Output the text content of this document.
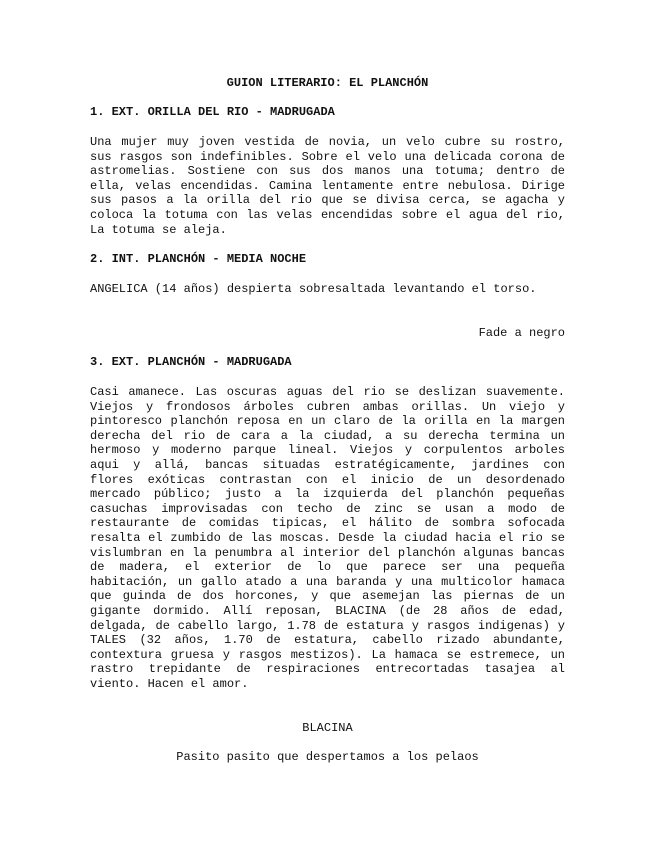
GUION LITERARIO: EL PLANCHÓN
1. EXT. ORILLA DEL RIO - MADRUGADA

Una mujer muy joven vestida de novia, un velo cubre su rostro, sus rasgos son indefinibles. Sobre el velo una delicada corona de astromelias. Sostiene con sus dos manos una totuma; dentro de ella, velas encendidas. Camina lentamente entre nebulosa. Dirige sus pasos a la orilla del rio que se divisa cerca, se agacha y coloca la totuma con las velas encendidas sobre el agua del rio, La totuma se aleja.

2. INT. PLANCHÓN - MEDIA NOCHE

ANGELICA (14 años) despierta sobresaltada levantando el torso.

Fade a negro
3. EXT. PLANCHÓN - MADRUGADA

Casi amanece. Las oscuras aguas del rio se deslizan suavemente. Viejos y frondosos árboles cubren ambas orillas. Un viejo y pintoresco planchón reposa en un claro de la orilla en la margen derecha del rio de cara a la ciudad, a su derecha termina un hermoso y moderno parque lineal. Viejos y corpulentos arboles aqui y allá, bancas situadas estratégicamente, jardines con flores exóticas contrastan con el inicio de un desordenado mercado público; justo a la izquierda del planchón pequeñas casuchas improvisadas con techo de zinc se usan a modo de restaurante de comidas tipicas, el hálito de sombra sofocada resalta el zumbido de las moscas. Desde la ciudad hacia el rio se vislumbran en la penumbra al interior del planchón algunas bancas de madera, el exterior de lo que parece ser una pequeña habitación, un gallo atado a una baranda y una multicolor hamaca que guinda de dos horcones, y que asemejan las piernas de un gigante dormido. Allí reposan, BLACINA (de 28 años de edad, delgada, de cabello largo, 1.78 de estatura y rasgos indigenas) y TALES (32 años, 1.70 de estatura, cabello rizado abundante, contextura gruesa y rasgos mestizos). La hamaca se estremece, un rastro trepidante de respiraciones entrecortadas tasajea al viento. Hacen el amor.

BLACINA
Pasito pasito que despertamos a los pelaos
